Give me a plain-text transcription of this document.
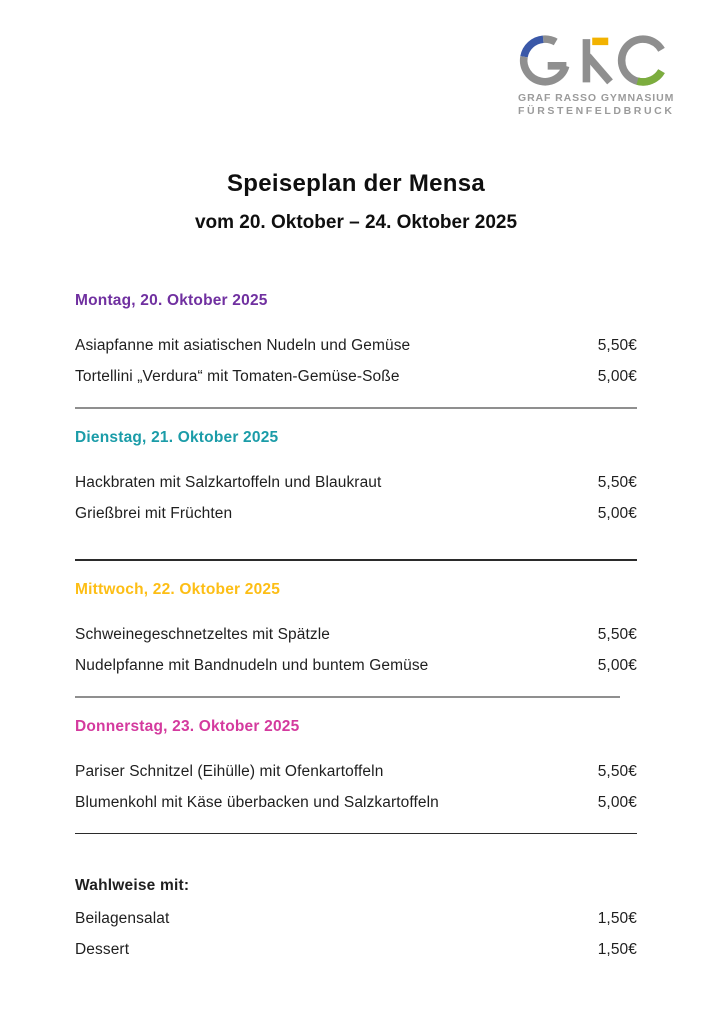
GRAF RASSO GYMNASIUM
FÜRSTENFELDBRUCK
Speiseplan der Mensa
vom 20. Oktober – 24. Oktober 2025
Montag, 20. Oktober 2025
Asiapfanne mit asiatischen Nudeln und Gemüse	5,50€
Tortellini „Verdura“ mit Tomaten-Gemüse-Soße	5,00€
Dienstag, 21. Oktober 2025
Hackbraten mit Salzkartoffeln und Blaukraut	5,50€
Grießbrei mit Früchten	5,00€
Mittwoch, 22. Oktober 2025
Schweinegeschnetzeltes mit Spätzle	5,50€
Nudelpfanne mit Bandnudeln und buntem Gemüse	5,00€
Donnerstag, 23. Oktober 2025
Pariser Schnitzel (Eihülle) mit Ofenkartoffeln	5,50€
Blumenkohl mit Käse überbacken und Salzkartoffeln	5,00€
Wahlweise mit:
Beilagensalat	1,50€
Dessert	1,50€
